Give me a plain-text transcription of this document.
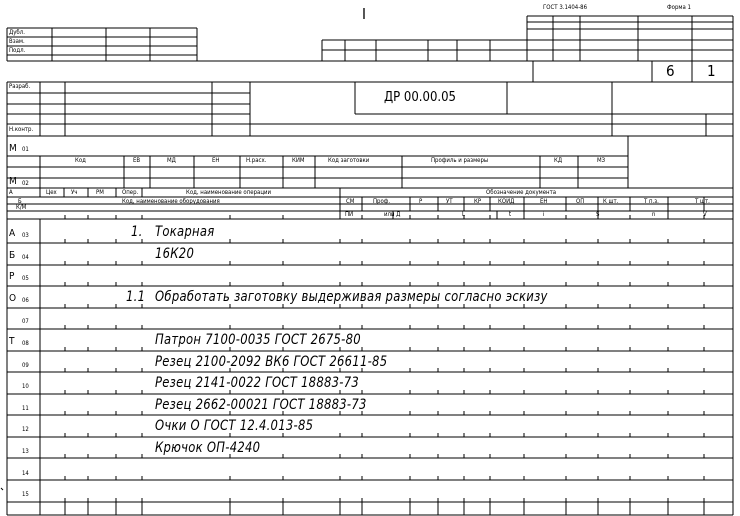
ГОСТ 3.1404-86	Форма 1
I
6 1
ДР 00.00.05
Дубл.
Взам.
Подл.
Разраб.
Н.контр.
М 01
Код	ЕВ	МД	ЕН	Н.расх.	КИМ	Код заготовки	Профиль и размеры	КД	МЗ
М 02
А	Цех Уч	РМ	Опер.	Код, наименование операции	Обозначение документа
Б	Код, наименование оборудования	СМ	Проф.	Р	УТ	КР	КОИД	ЕН	ОП	К шт.	Т п.з.	Т шт.
К/М
ПИ	или Д	L	t	i	S	n	V
А 03	1. Токарная
Б 04	16К20
Р 05
О 06	1.1 Обработать заготовку выдерживая размеры согласно эскизу
07
Т 08	Патрон 7100-0035 ГОСТ 2675-80
09	Резец 2100-2092 ВК6 ГОСТ 26611-85
10	Резец 2141-0022 ГОСТ 18883-73
11	Резец 2662-00021 ГОСТ 18883-73
12	Очки О ГОСТ 12.4.013-85
13	Крючок ОП-4240
14
15
